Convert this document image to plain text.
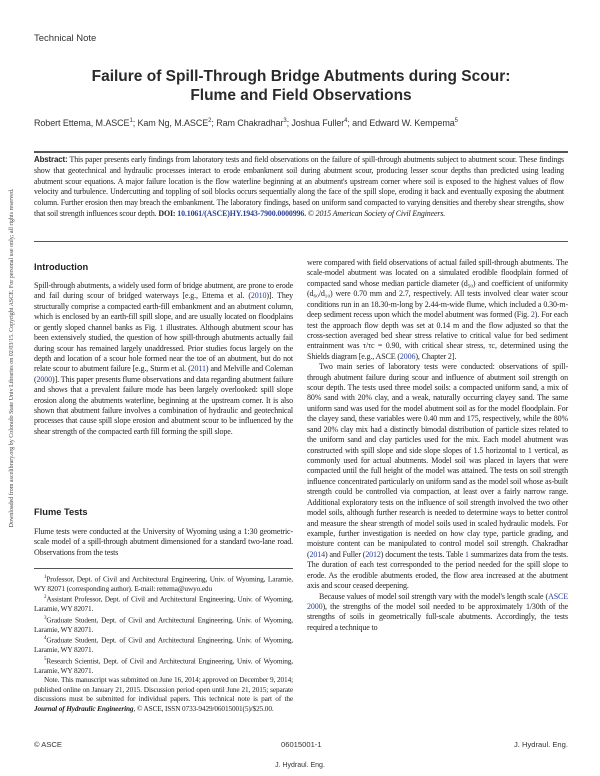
Downloaded from ascelibrary.org by Colorado State Univ Libraries on 02/03/15. Copyright ASCE. For personal use only; all rights reserved.
Technical Note
Failure of Spill-Through Bridge Abutments during Scour:
Flume and Field Observations
Robert Ettema, M.ASCE$^1$; Kam Ng, M.ASCE$^2$; Ram Chakradhar$^3$; Joshua Fuller$^4$; and Edward W. Kempema$^5$
Abstract: This paper presents early findings from laboratory tests and field observations on the failure of spill-through abutments subject to abutment scour. These findings show that geotechnical and hydraulic processes interact to erode embankment soil during abutment scour, producing lesser scour depths than predicted using leading abutment scour equations. A major failure location is the flow waterline beginning at an abutment's upstream corner where soil is exposed to the highest values of flow velocity and turbulence. Undercutting and toppling of soil blocks occurs sequentially along the face of the spill slope, eroding it back and eventually exposing the abutment column. Further erosion then may breach the embankment. The laboratory findings, based on uniform sand compacted to varying densities and thereby shear strengths, show that soil strength influences scour depth. DOI: 10.1061/(ASCE)HY.1943-7900.0000996. © 2015 American Society of Civil Engineers.
Introduction

Spill-through abutments, a widely used form of bridge abutment, are prone to erode and fail during scour of bridged waterways [e.g., Ettema et al. (2010)]. They structurally comprise a compacted earth-fill embankment and an abutment column, which is enclosed by an earth-fill spill slope, and are usually located on floodplains or gently sloped channel banks as Fig. 1 illustrates. Although abutment scour has been extensively studied, the question of how spill-through abutments actually fail during scour has remained largely unaddressed. Prior studies focus largely on the depth and location of a scour hole formed near the toe of an abutment, but do not relate scour to abutment failure [e.g., Sturm et al. (2011) and Melville and Coleman (2000)]. This paper presents flume observations and data regarding abutment failure and shows that a prevalent failure mode has been largely overlooked: spill slope erosion along the abutments waterline, beginning at the upstream corner. It is also shown that abutment failure involves a combination of hydraulic and geotechnical processes that cause spill slope erosion and abutment scour to be influenced by the shear strength of the compacted earth fill forming the spill slope.

Flume Tests

Flume tests were conducted at the University of Wyoming using a 1:30 geometric-scale model of a spill-through abutment dimensioned for a standard two-lane road. Observations from the tests

$^1$Professor, Dept. of Civil and Architectural Engineering, Univ. of Wyoming, Laramie, WY 82071 (corresponding author). E-mail: rettema@uwyo.edu

$^2$Assistant Professor, Dept. of Civil and Architectural Engineering, Univ. of Wyoming, Laramie, WY 82071.

$^3$Graduate Student, Dept. of Civil and Architectural Engineering, Univ. of Wyoming, Laramie, WY 82071.

$^4$Graduate Student, Dept. of Civil and Architectural Engineering, Univ. of Wyoming, Laramie, WY 82071.

$^5$Research Scientist, Dept. of Civil and Architectural Engineering, Univ. of Wyoming, Laramie, WY 82071.

Note. This manuscript was submitted on June 16, 2014; approved on December 9, 2014; published online on January 21, 2015. Discussion period open until June 21, 2015; separate discussions must be submitted for individual papers. This technical note is part of the Journal of Hydraulic Engineering, © ASCE, ISSN 0733-9429/06015001(5)/$25.00.

were compared with field observations of actual failed spill-through abutments. The scale-model abutment was located on a simulated erodible floodplain formed of compacted sand whose median particle diameter (d₅₀) and coefficient of uniformity (d₆₀/d₁₀) were 0.70 mm and 2.7, respectively. All tests involved clear water scour conditions run in an 18.30-m-long by 2.44-m-wide flume, which included a 0.30-m-deep sediment recess upon which the model abutment was formed (Fig. 2). For each test the approach flow depth was set at 0.14 m and the flow adjusted so that the cross-section averaged bed shear stress relative to critical value for bed sediment entrainment was τ/τc = 0.90, with critical shear stress, τc, determined using the Shields diagram [e.g., ASCE (2006), Chapter 2].

Two main series of laboratory tests were conducted: observations of spill-through abutment failure during scour and influence of abutment soil strength on scour depth. The tests used three model soils: a compacted uniform sand, a mix of 80% sand with 20% clay, and a weak, naturally occurring clayey sand. The same uniform sand was used for the model abutment soil as for the model floodplain. For the clayey sand, these variables were 0.40 mm and 175, respectively, while the 80% sand 20% clay mix had a distinctly bimodal distribution of particle sizes related to the uniform sand and clay particles used for the mix. Each model abutment was constructed with spill slope and side slope slopes of 1.5 horizontal to 1 vertical, as commonly used for actual abutments. Model soil was placed in layers that were compacted until the full height of the model was attained. The tests on soil strength influence concentrated particularly on uniform sand as the model soil whose as-built strength could be controlled via compaction, at least over a fairly narrow range. Additional exploratory tests on the influence of soil strength involved the two other model soils, although further research is needed to determine ways to better control and measure the shear strength of model soils used in scaled hydraulic models. For example, further investigation is needed on how clay type, particle grading, and moisture content can be manipulated to control model soil strength. Chakradhar (2014) and Fuller (2012) document the tests. Table 1 summarizes data from the tests. The duration of each test corresponded to the period needed for the spill slope to erode. As the erodible abutments eroded, the flow area increased at the abutment axis and scour ceased deepening.

Because values of model soil strength vary with the model's length scale (ASCE 2000), the strengths of the model soil needed to be approximately 1/30th of the strengths of soils in geometrically full-scale abutments. Accordingly, the tests required a technique to

© ASCE	06015001-1	J. Hydraul. Eng.
J. Hydraul. Eng.
